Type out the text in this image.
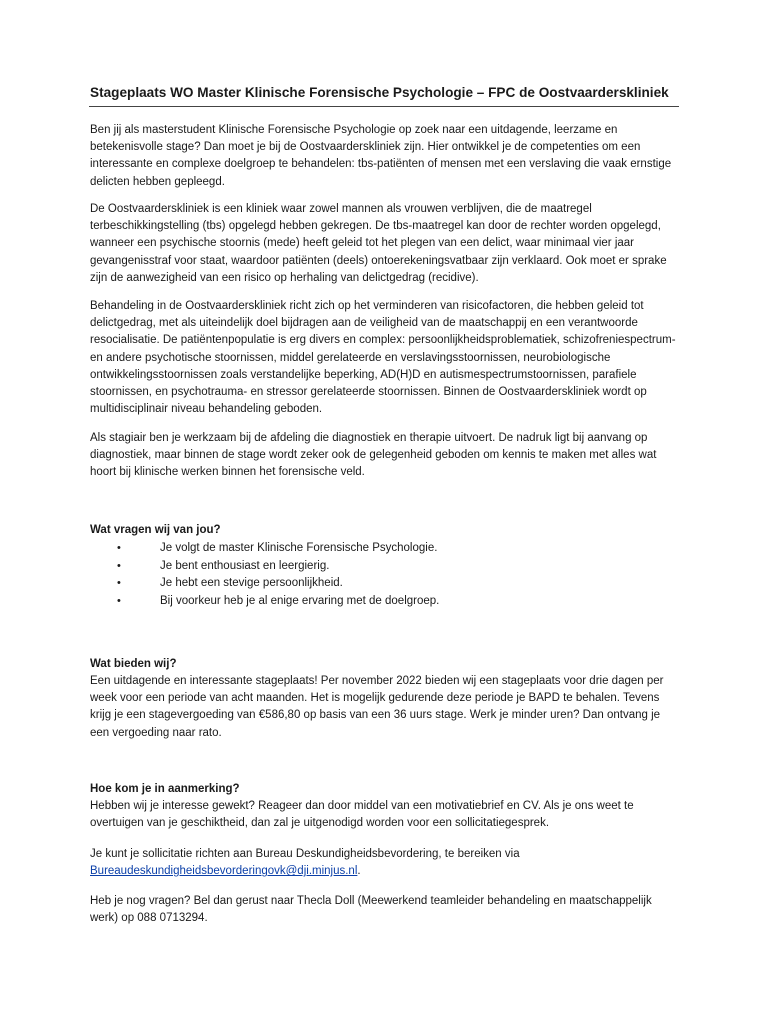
Stageplaats WO Master Klinische Forensische Psychologie – FPC de Oostvaarderskliniek
Ben jij als masterstudent Klinische Forensische Psychologie op zoek naar een uitdagende, leerzame en betekenisvolle stage? Dan moet je bij de Oostvaarderskliniek zijn. Hier ontwikkel je de competenties om een interessante en complexe doelgroep te behandelen: tbs-patiënten of mensen met een verslaving die vaak ernstige delicten hebben gepleegd.
De Oostvaarderskliniek is een kliniek waar zowel mannen als vrouwen verblijven, die de maatregel terbeschikkingstelling (tbs) opgelegd hebben gekregen. De tbs-maatregel kan door de rechter worden opgelegd, wanneer een psychische stoornis (mede) heeft geleid tot het plegen van een delict, waar minimaal vier jaar gevangenisstraf voor staat, waardoor patiënten (deels) ontoerekeningsvatbaar zijn verklaard. Ook moet er sprake zijn de aanwezigheid van een risico op herhaling van delictgedrag (recidive).
Behandeling in de Oostvaarderskliniek richt zich op het verminderen van risicofactoren, die hebben geleid tot delictgedrag, met als uiteindelijk doel bijdragen aan de veiligheid van de maatschappij en een verantwoorde resocialisatie. De patiëntenpopulatie is erg divers en complex: persoonlijkheidsproblematiek, schizofreniespectrum- en andere psychotische stoornissen, middel gerelateerde en verslavingsstoornissen, neurobiologische ontwikkelingsstoornissen zoals verstandelijke beperking, AD(H)D en autismespectrumstoornissen, parafiele stoornissen, en psychotrauma- en stressor gerelateerde stoornissen. Binnen de Oostvaarderskliniek wordt op multidisciplinair niveau behandeling geboden.
Als stagiair ben je werkzaam bij de afdeling die diagnostiek en therapie uitvoert. De nadruk ligt bij aanvang op diagnostiek, maar binnen de stage wordt zeker ook de gelegenheid geboden om kennis te maken met alles wat hoort bij klinische werken binnen het forensische veld.
Wat vragen wij van jou?
•	Je volgt de master Klinische Forensische Psychologie.
•	Je bent enthousiast en leergierig.
•	Je hebt een stevige persoonlijkheid.
•	Bij voorkeur heb je al enige ervaring met de doelgroep.
Wat bieden wij?
Een uitdagende en interessante stageplaats! Per november 2022 bieden wij een stageplaats voor drie dagen per week voor een periode van acht maanden. Het is mogelijk gedurende deze periode je BAPD te behalen. Tevens krijg je een stagevergoeding van €586,80 op basis van een 36 uurs stage. Werk je minder uren? Dan ontvang je een vergoeding naar rato.
Hoe kom je in aanmerking?
Hebben wij je interesse gewekt? Reageer dan door middel van een motivatiebrief en CV. Als je ons weet te overtuigen van je geschiktheid, dan zal je uitgenodigd worden voor een sollicitatiegesprek.
Je kunt je sollicitatie richten aan Bureau Deskundigheidsbevordering, te bereiken via
Bureaudeskundigheidsbevorderingovk@dji.minjus.nl.
Heb je nog vragen? Bel dan gerust naar Thecla Doll (Meewerkend teamleider behandeling en maatschappelijk werk) op 088 0713294.
